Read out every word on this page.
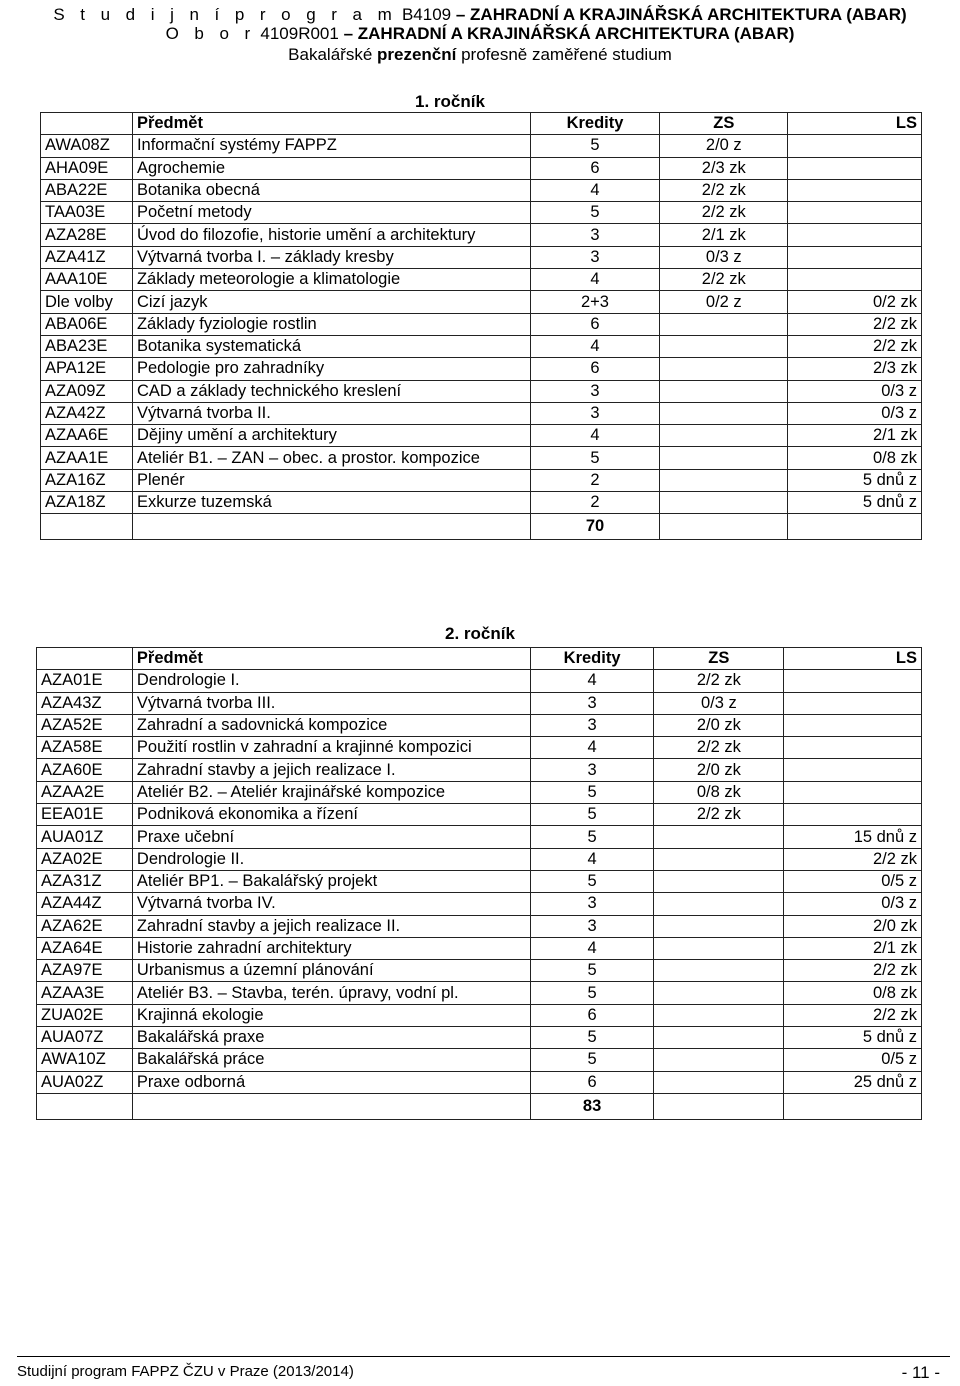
S t u d i j n í p r o g r a m B4109 – ZAHRADNÍ A KRAJINÁŘSKÁ ARCHITEKTURA (ABAR)
O b o r 4109R001 – ZAHRADNÍ A KRAJINÁŘSKÁ ARCHITEKTURA (ABAR)
Bakalářské prezenční profesně zaměřené studium
1. ročník
	Předmět	Kredity	ZS	LS
AWA08Z	Informační systémy FAPPZ	5	2/0 z	
AHA09E	Agrochemie	6	2/3 zk	
ABA22E	Botanika obecná	4	2/2 zk	
TAA03E	Početní metody	5	2/2 zk	
AZA28E	Úvod do filozofie, historie umění a architektury	3	2/1 zk	
AZA41Z	Výtvarná tvorba I. – základy kresby	3	0/3 z	
AAA10E	Základy meteorologie a klimatologie	4	2/2 zk	
Dle volby	Cizí jazyk	2+3	0/2 z	0/2 zk
ABA06E	Základy fyziologie rostlin	6		2/2 zk
ABA23E	Botanika systematická	4		2/2 zk
APA12E	Pedologie pro zahradníky	6		2/3 zk
AZA09Z	CAD a základy technického kreslení	3		0/3 z
AZA42Z	Výtvarná tvorba II.	3		0/3 z
AZAA6E	Dějiny umění a architektury	4		2/1 zk
AZAA1E	Ateliér B1. – ZAN – obec. a prostor. kompozice	5		0/8 zk
AZA16Z	Plenér	2		5 dnů z
AZA18Z	Exkurze tuzemská	2		5 dnů z
		70		
2. ročník
	Předmět	Kredity	ZS	LS
AZA01E	Dendrologie I.	4	2/2 zk	
AZA43Z	Výtvarná tvorba III.	3	0/3 z	
AZA52E	Zahradní a sadovnická kompozice	3	2/0 zk	
AZA58E	Použití rostlin v zahradní a krajinné kompozici	4	2/2 zk	
AZA60E	Zahradní stavby a jejich realizace I.	3	2/0 zk	
AZAA2E	Ateliér B2. – Ateliér krajinářské kompozice	5	0/8 zk	
EEA01E	Podniková ekonomika a řízení	5	2/2 zk	
AUA01Z	Praxe učební	5		15 dnů z
AZA02E	Dendrologie II.	4		2/2 zk
AZA31Z	Ateliér BP1. – Bakalářský projekt	5		0/5 z
AZA44Z	Výtvarná tvorba IV.	3		0/3 z
AZA62E	Zahradní stavby a jejich realizace II.	3		2/0 zk
AZA64E	Historie zahradní architektury	4		2/1 zk
AZA97E	Urbanismus a územní plánování	5		2/2 zk
AZAA3E	Ateliér B3. – Stavba, terén. úpravy, vodní pl.	5		0/8 zk
ZUA02E	Krajinná ekologie	6		2/2 zk
AUA07Z	Bakalářská praxe	5		5 dnů z
AWA10Z	Bakalářská práce	5		0/5 z
AUA02Z	Praxe odborná	6		25 dnů z
		83		
Studijní program FAPPZ ČZU v Praze (2013/2014)	- 11 -
